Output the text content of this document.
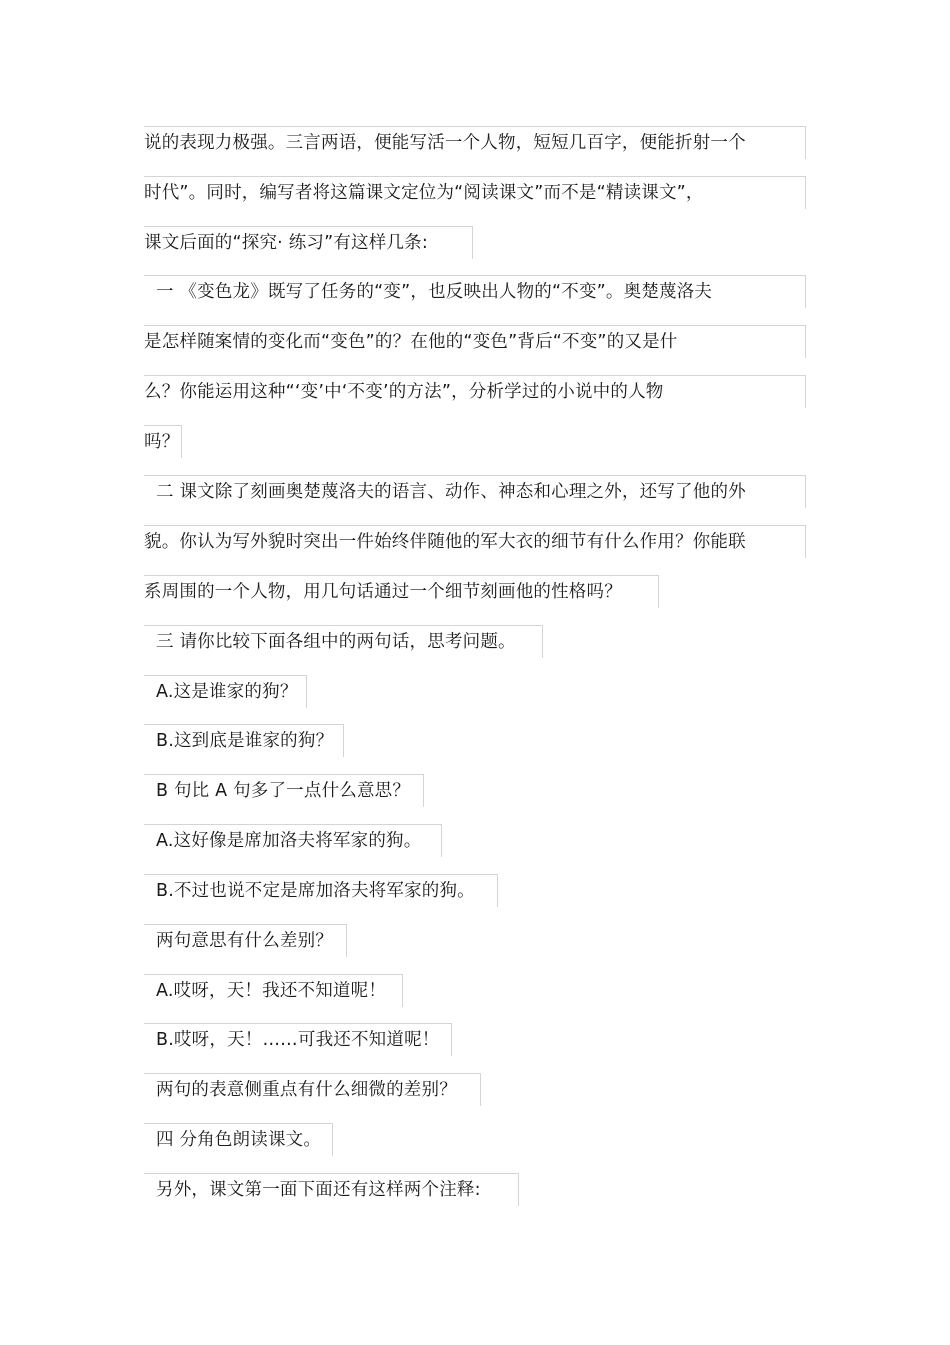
说的表现力极强。三言两语，便能写活一个人物，短短几百字，便能折射一个
时代”。同时，编写者将这篇课文定位为“阅读课文”而不是“精读课文”，
课文后面的“探究· 练习”有这样几条:
一 《变色龙》既写了任务的“变”，也反映出人物的“不变”。奥楚蔑洛夫
是怎样随案情的变化而“变色”的？在他的“变色”背后“不变”的又是什
么？你能运用这种“‘变’中‘不变’的方法”，分析学过的小说中的人物
吗？
二 课文除了刻画奥楚蔑洛夫的语言、动作、神态和心理之外，还写了他的外
貌。你认为写外貌时突出一件始终伴随他的军大衣的细节有什么作用？你能联
系周围的一个人物，用几句话通过一个细节刻画他的性格吗？
三 请你比较下面各组中的两句话，思考问题。
A.这是谁家的狗？
B.这到底是谁家的狗？
B 句比 A 句多了一点什么意思？
A.这好像是席加洛夫将军家的狗。
B.不过也说不定是席加洛夫将军家的狗。
两句意思有什么差别？
A.哎呀，天！我还不知道呢！
B.哎呀，天！……可我还不知道呢！
两句的表意侧重点有什么细微的差别？
四 分角色朗读课文。
另外，课文第一面下面还有这样两个注释:
